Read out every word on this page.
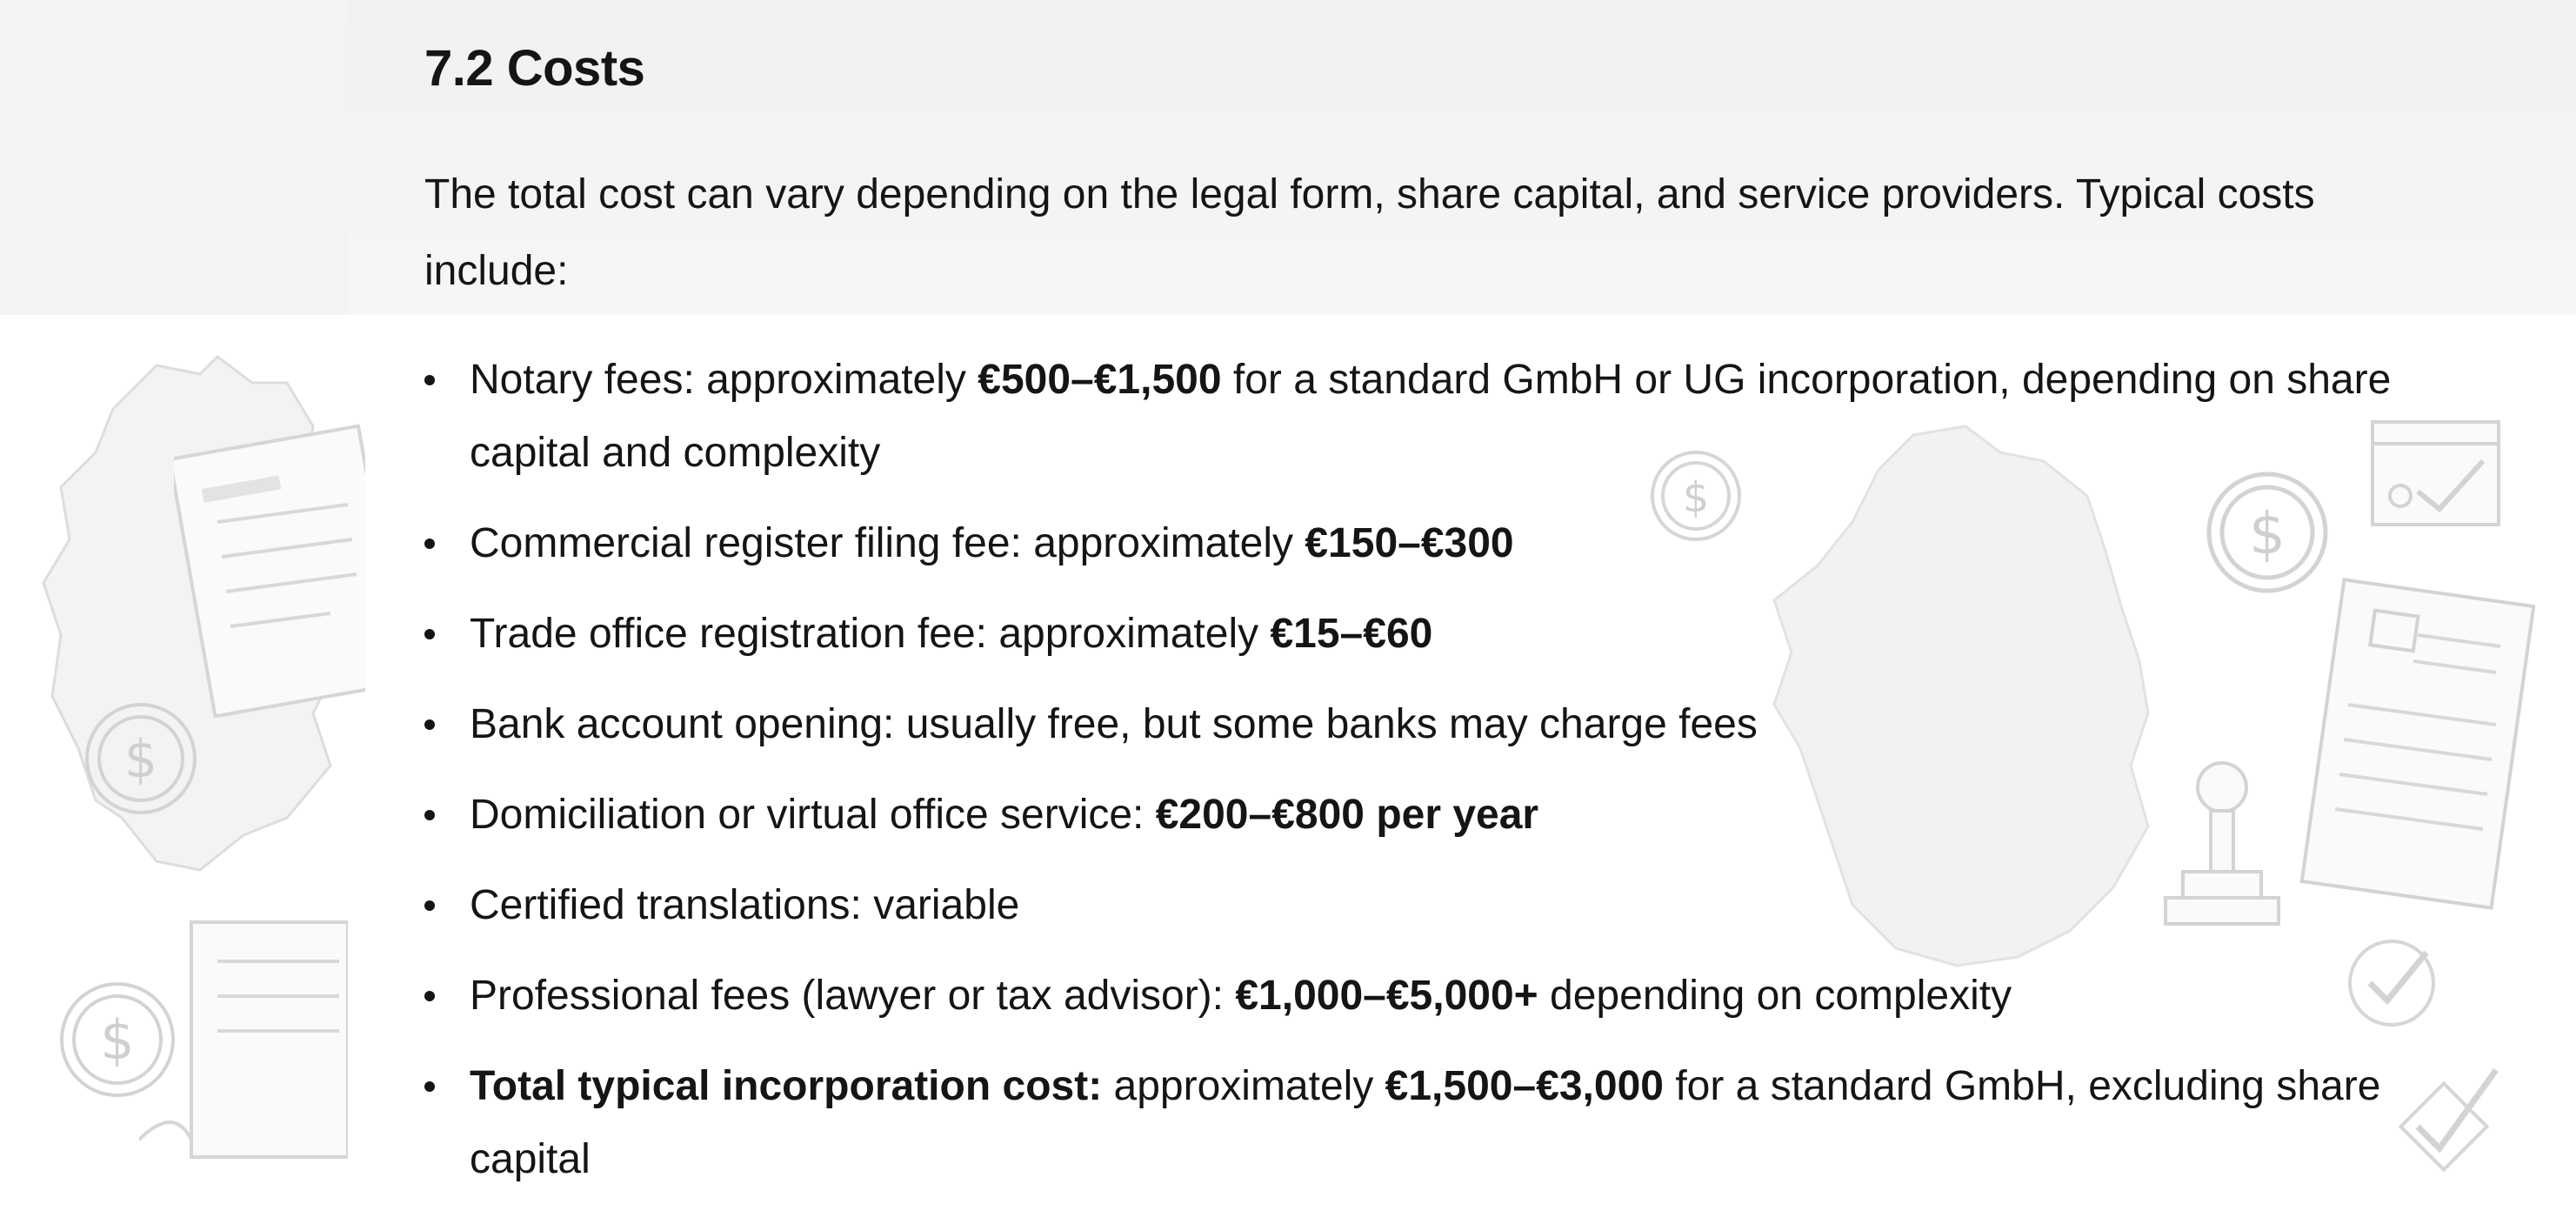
$
$
$
$
7.2 Costs

The total cost can vary depending on the legal form, share capital, and service providers. Typical costs include:

Notary fees: approximately €500–€1,500 for a standard GmbH or UG incorporation, depending on share capital and complexity
Commercial register filing fee: approximately €150–€300
Trade office registration fee: approximately €15–€60
Bank account opening: usually free, but some banks may charge fees
Domiciliation or virtual office service: €200–€800 per year
Certified translations: variable
Professional fees (lawyer or tax advisor): €1,000–€5,000+ depending on complexity
Total typical incorporation cost: approximately €1,500–€3,000 for a standard GmbH, excluding share capital
